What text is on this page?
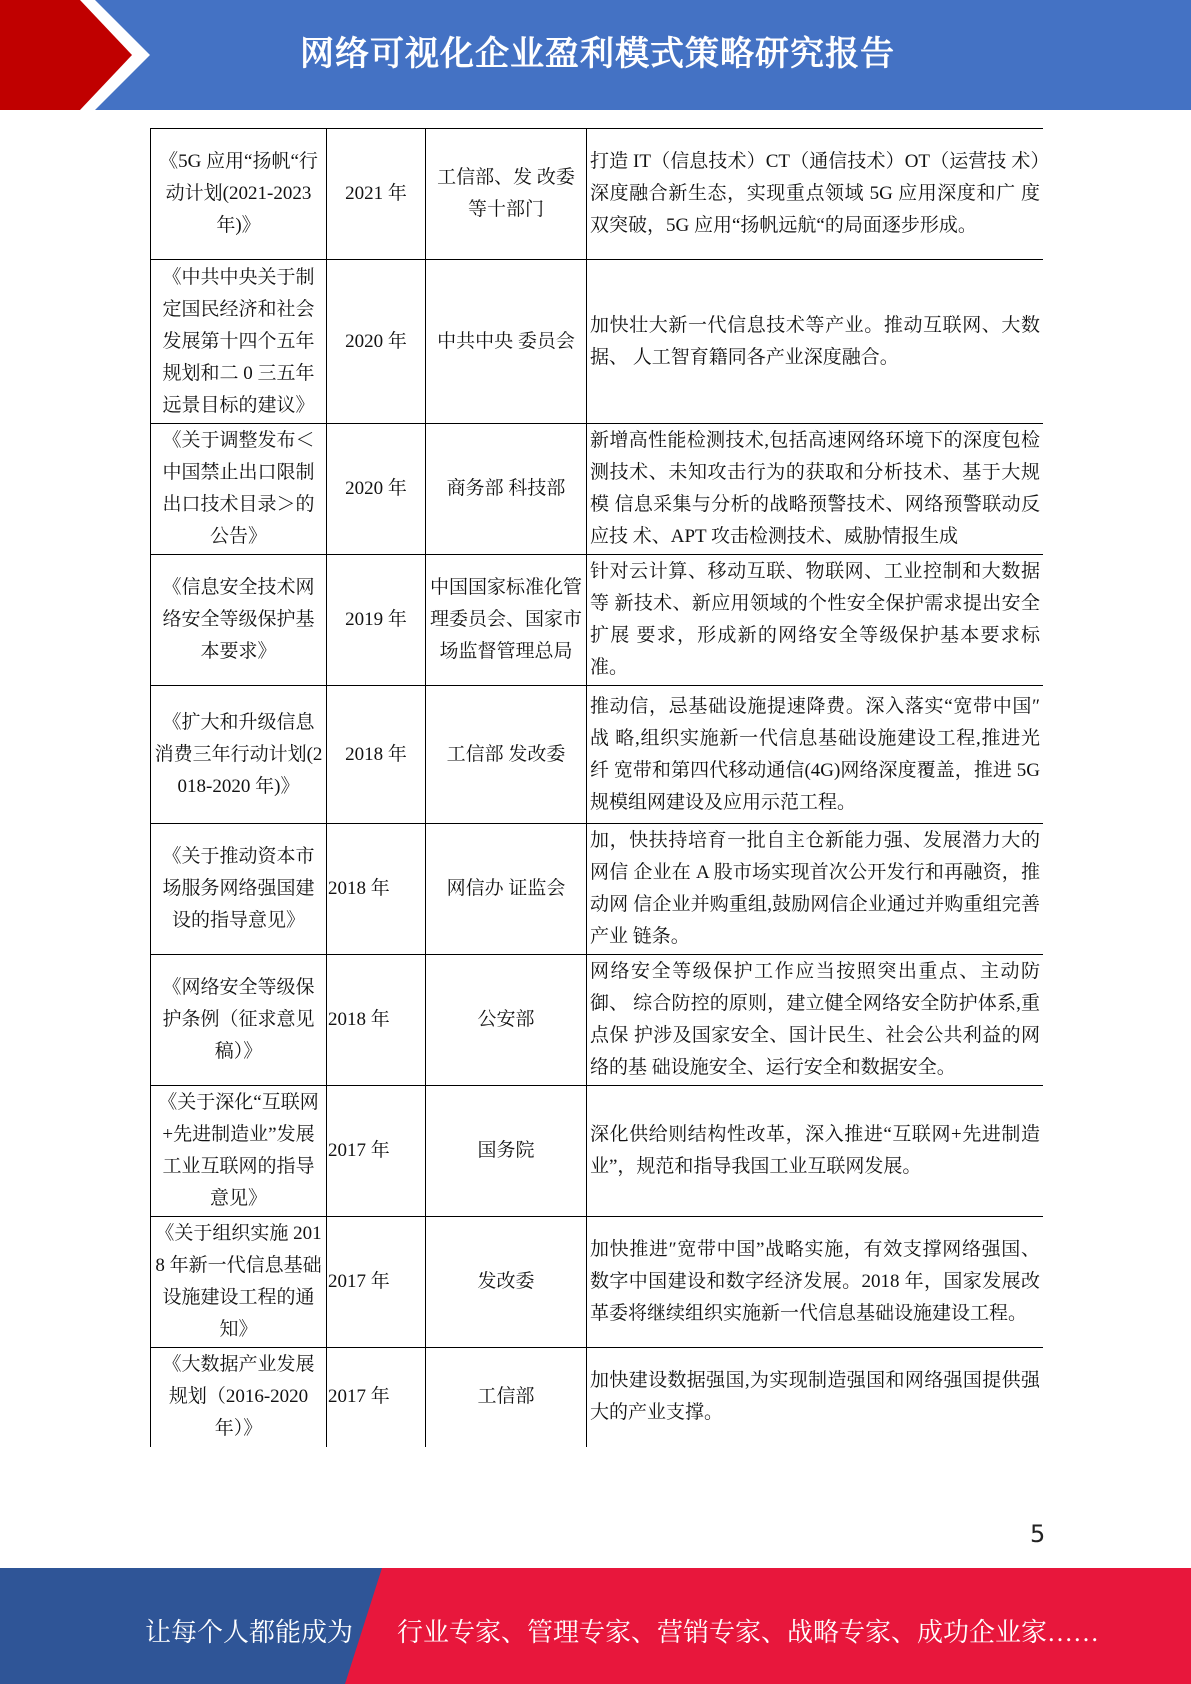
网络可视化企业盈利模式策略研究报告
《5G 应用“扬帆“行动计划(2021-2023 年)》	2021 年	工信部、发 改委等十部门	打造 IT（信息技术）CT（通信技术）OT（运营技 术）深度融合新生态，实现重点领域 5G 应用深度和广 度双突破，5G 应用“扬帆远航“的局面逐步形成。
《中共中央关于制定国民经济和社会发展第十四个五年规划和二 0 三五年远景目标的建议》	2020 年	中共中央 委员会	加快壮大新一代信息技术等产业。推动互联网、大数据、 人工智育籍同各产业深度融合。
《关于调整发布＜中国禁止出口限制出口技术目录＞的公告》	2020 年	商务部 科技部	新增高性能检测技术,包括高速网络环境下的深度包检 测技术、未知攻击行为的获取和分析技术、基于大规模 信息采集与分析的战略预警技术、网络预警联动反应技 术、APT 攻击检测技术、威胁情报生成
《信息安全技术网络安全等级保护基本要求》	2019 年	中国国家标准化管理委员会、国家市场监督管理总局	针对云计算、移动互联、物联网、工业控制和大数据等 新技术、新应用领域的个性安全保护需求提出安全扩展 要求，形成新的网络安全等级保护基本要求标准。
《扩大和升级信息消费三年行动计划(2018-2020 年)》	2018 年	工信部 发改委	推动信，忌基础设施提速降费。深入落实“宽带中国″战 略,组织实施新一代信息基础设施建设工程,推进光纤 宽带和第四代移动通信(4G)网络深度覆盖，推进 5G 规模组网建设及应用示范工程。
《关于推动资本市场服务网络强国建设的指导意见》	2018 年	网信办 证监会	加，快扶持培育一批自主仓新能力强、发展潜力大的网信 企业在 A 股市场实现首次公开发行和再融资，推动网 信企业并购重组,鼓励网信企业通过并购重组完善产业 链条。
《网络安全等级保护条例（征求意见稿）》	2018 年	公安部	网络安全等级保护工作应当按照突出重点、主动防御、 综合防控的原则，建立健全网络安全防护体系,重点保 护涉及国家安全、国计民生、社会公共利益的网络的基 础设施安全、运行安全和数据安全。
《关于深化“互联网+先进制造业”发展工业互联网的指导意见》	2017 年	国务院	深化供给则结构性改革，深入推进“互联网+先进制造 业”，规范和指导我国工业互联网发展。
《关于组织实施 2018 年新一代信息基础设施建设工程的通知》	2017 年	发改委	加快推进″宽带中国”战略实施，有效支撑网络强国、数字中国建设和数字经济发展。2018 年，国家发展改革委将继续组织实施新一代信息基础设施建设工程。
《大数据产业发展规划（2016-2020 年）》	2017 年	工信部	加快建设数据强国,为实现制造强国和网络强国提供强 大的产业支撑。
5
让每个人都能成为 行业专家、管理专家、营销专家、战略专家、成功企业家……
